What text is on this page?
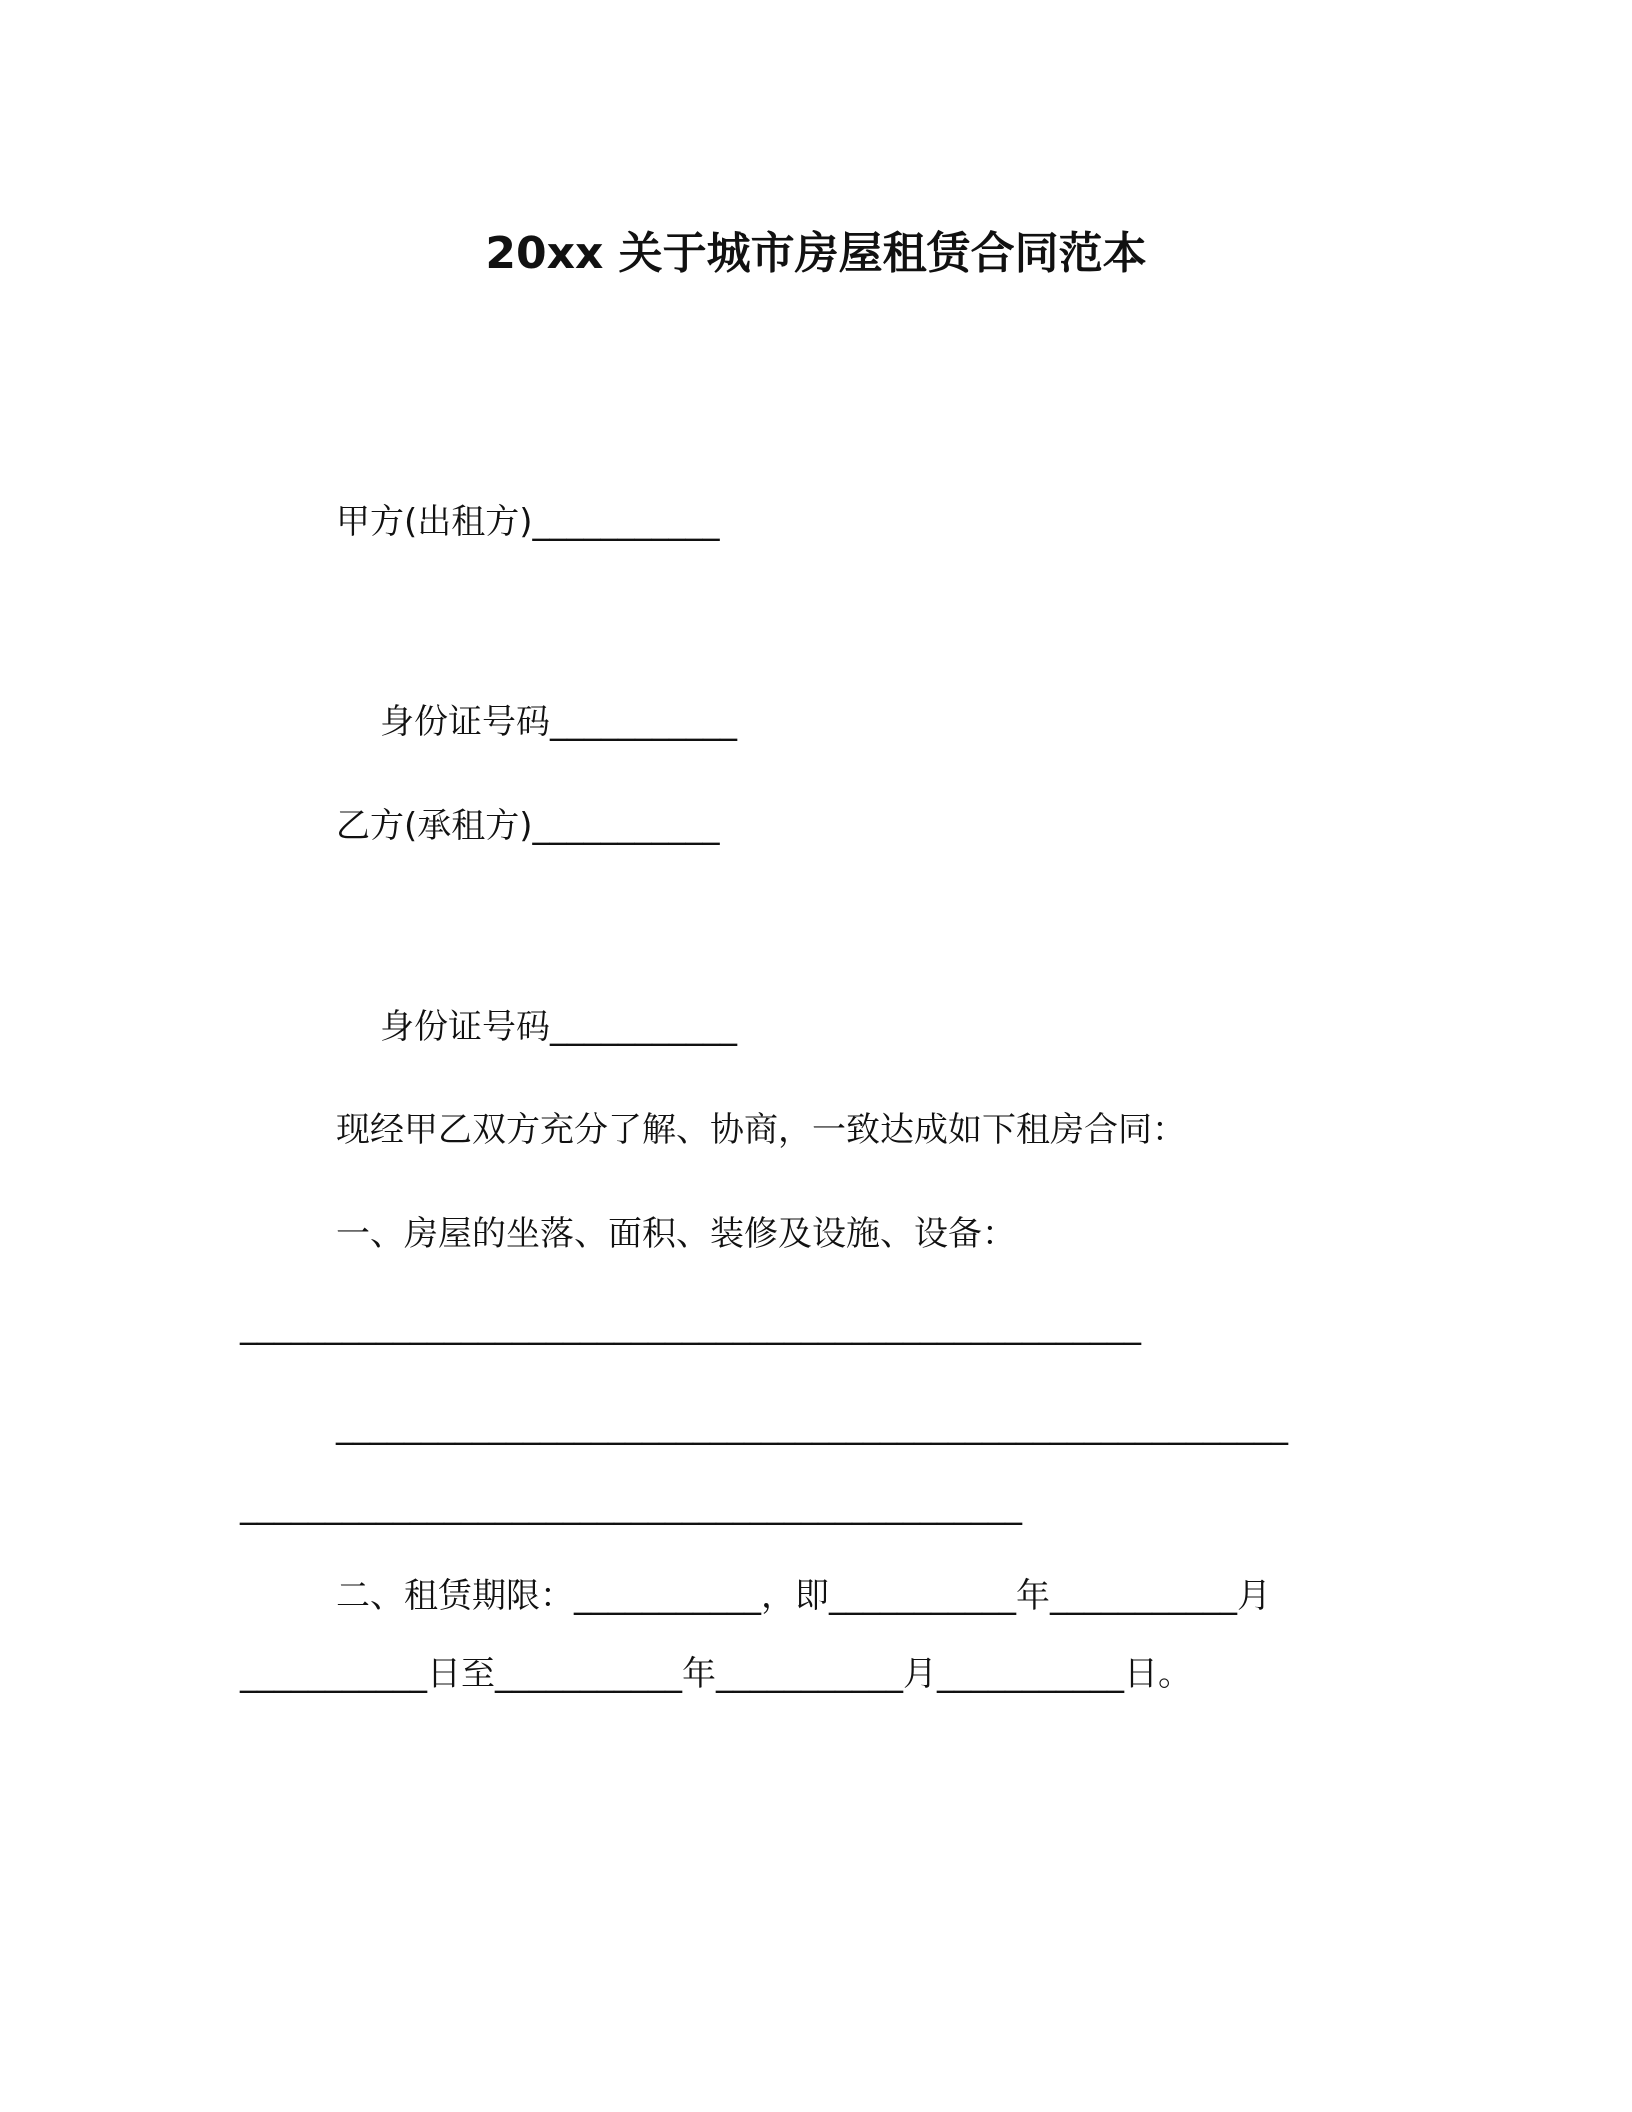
20xx 关于城市房屋租赁合同范本
甲方(出租方)___________
身份证号码___________
乙方(承租方)___________
身份证号码___________
现经甲乙双方充分了解、协商，一致达成如下租房合同：
一、房屋的坐落、面积、装修及设施、设备：
_____________________________________________________
________________________________________________________
______________________________________________
二、租赁期限：___________，即___________年___________月
___________日至___________年___________月___________日。
